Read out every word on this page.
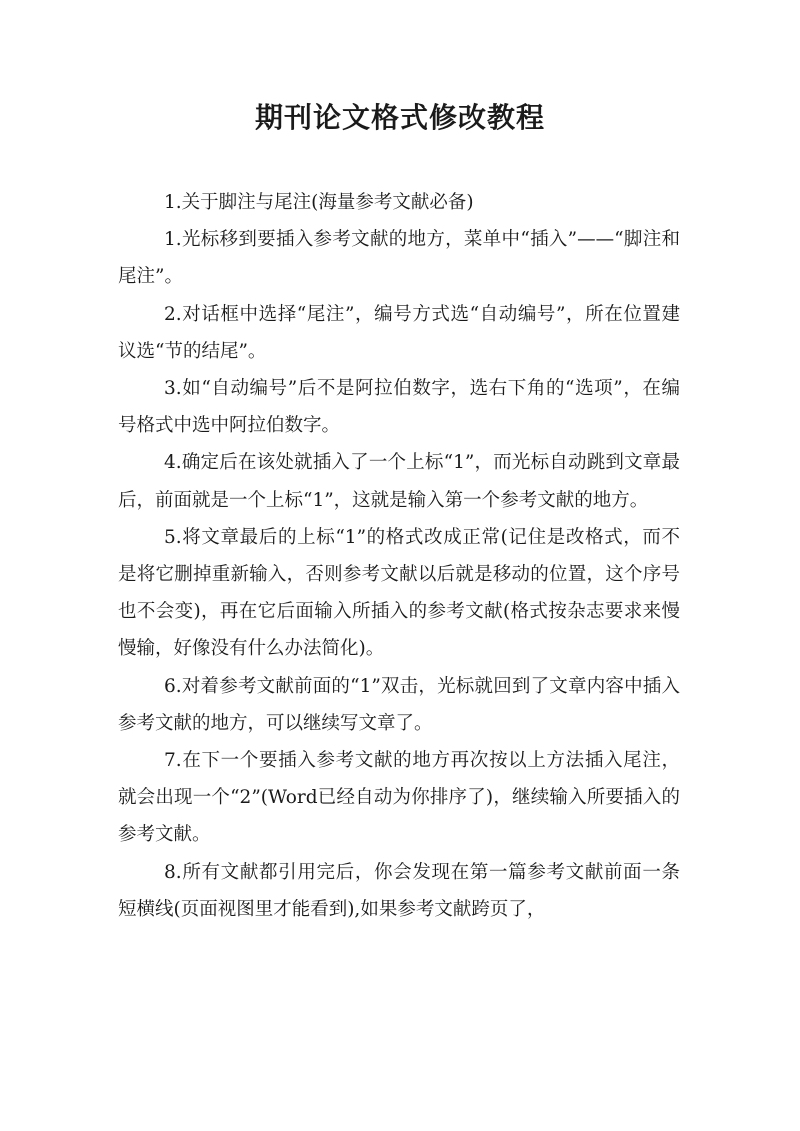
期刊论文格式修改教程

1.关于脚注与尾注(海量参考文献必备)

1.光标移到要插入参考文献的地方，菜单中“插入”——“脚注和尾注”。

2.对话框中选择“尾注”，编号方式选“自动编号”，所在位置建议选“节的结尾”。

3.如“自动编号”后不是阿拉伯数字，选右下角的“选项”，在编号格式中选中阿拉伯数字。

4.确定后在该处就插入了一个上标“1”，而光标自动跳到文章最后，前面就是一个上标“1”，这就是输入第一个参考文献的地方。

5.将文章最后的上标“1”的格式改成正常(记住是改格式，而不是将它删掉重新输入，否则参考文献以后就是移动的位置，这个序号也不会变)，再在它后面输入所插入的参考文献(格式按杂志要求来慢慢输，好像没有什么办法简化)。

6.对着参考文献前面的“1”双击，光标就回到了文章内容中插入参考文献的地方，可以继续写文章了。

7.在下一个要插入参考文献的地方再次按以上方法插入尾注，就会出现一个“2”(Word已经自动为你排序了)，继续输入所要插入的参考文献。

8.所有文献都引用完后，你会发现在第一篇参考文献前面一条短横线(页面视图里才能看到),如果参考文献跨页了，
